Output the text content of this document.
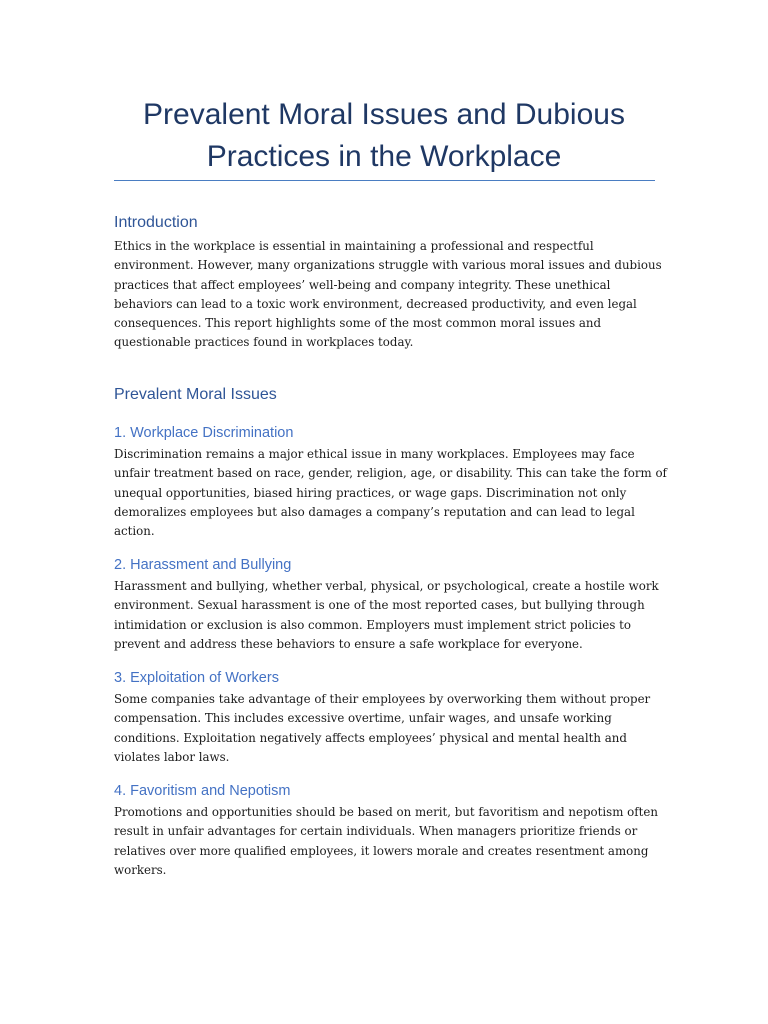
Prevalent Moral Issues and Dubious
Practices in the Workplace
Introduction

Ethics in the workplace is essential in maintaining a professional and respectful
environment. However, many organizations struggle with various moral issues and dubious
practices that affect employees’ well-being and company integrity. These unethical
behaviors can lead to a toxic work environment, decreased productivity, and even legal
consequences. This report highlights some of the most common moral issues and
questionable practices found in workplaces today.

Prevalent Moral Issues
1. Workplace Discrimination

Discrimination remains a major ethical issue in many workplaces. Employees may face
unfair treatment based on race, gender, religion, age, or disability. This can take the form of
unequal opportunities, biased hiring practices, or wage gaps. Discrimination not only
demoralizes employees but also damages a company’s reputation and can lead to legal
action.

2. Harassment and Bullying

Harassment and bullying, whether verbal, physical, or psychological, create a hostile work
environment. Sexual harassment is one of the most reported cases, but bullying through
intimidation or exclusion is also common. Employers must implement strict policies to
prevent and address these behaviors to ensure a safe workplace for everyone.

3. Exploitation of Workers

Some companies take advantage of their employees by overworking them without proper
compensation. This includes excessive overtime, unfair wages, and unsafe working
conditions. Exploitation negatively affects employees’ physical and mental health and
violates labor laws.

4. Favoritism and Nepotism

Promotions and opportunities should be based on merit, but favoritism and nepotism often
result in unfair advantages for certain individuals. When managers prioritize friends or
relatives over more qualified employees, it lowers morale and creates resentment among
workers.
